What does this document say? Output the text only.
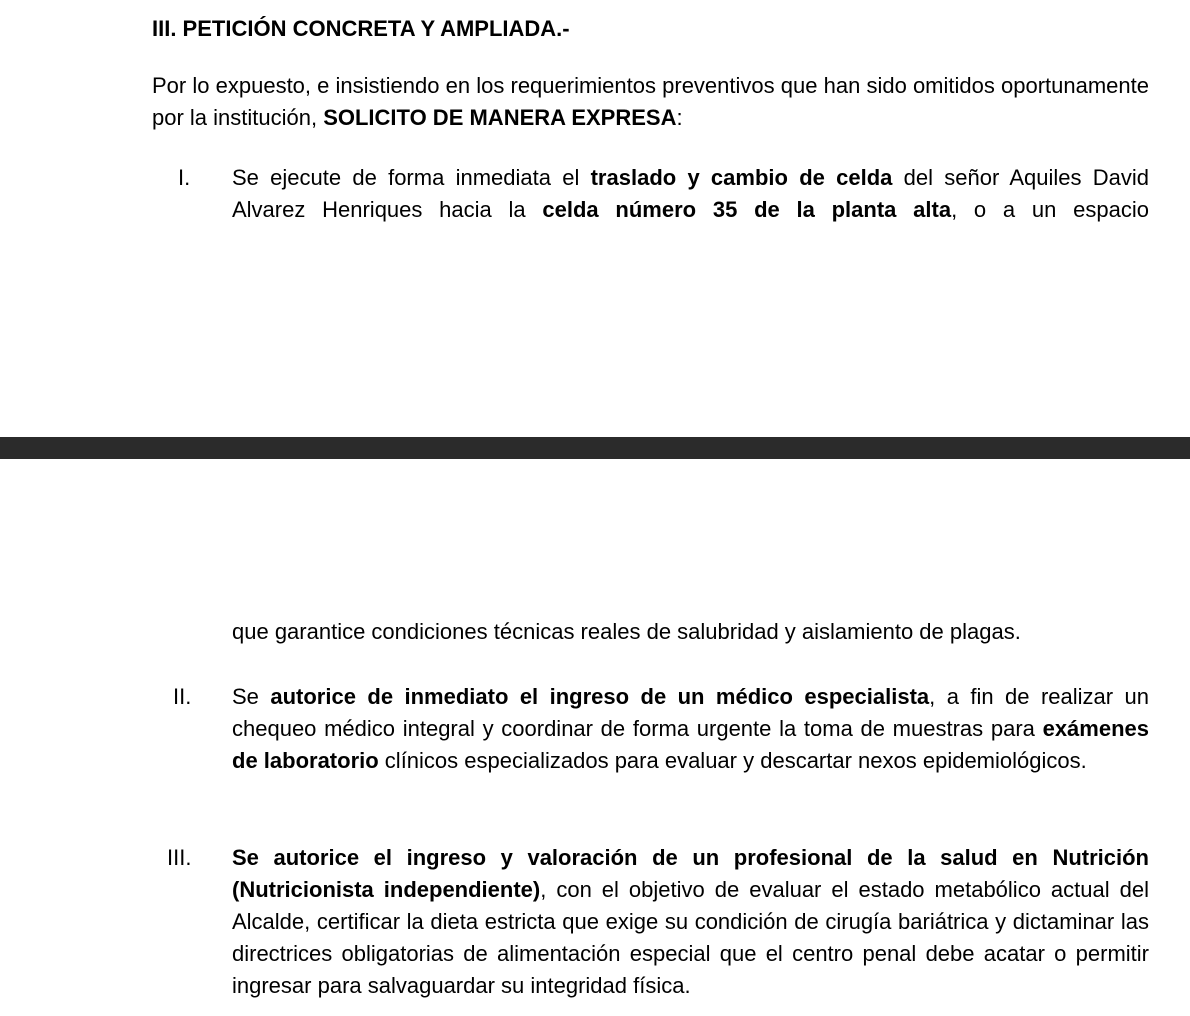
III. PETICIÓN CONCRETA Y AMPLIADA.-

Por lo expuesto, e insistiendo en los requerimientos preventivos que han sido omitidos oportunamente por la institución, SOLICITO DE MANERA EXPRESA:

I. Se ejecute de forma inmediata el traslado y cambio de celda del señor Aquiles David Alvarez Henriques hacia la celda número 35 de la planta alta, o a un espacio

que garantice condiciones técnicas reales de salubridad y aislamiento de plagas.

II. Se autorice de inmediato el ingreso de un médico especialista, a fin de realizar un chequeo médico integral y coordinar de forma urgente la toma de muestras para exámenes de laboratorio clínicos especializados para evaluar y descartar nexos epidemiológicos.

III. Se autorice el ingreso y valoración de un profesional de la salud en Nutrición (Nutricionista independiente), con el objetivo de evaluar el estado metabólico actual del Alcalde, certificar la dieta estricta que exige su condición de cirugía bariátrica y dictaminar las directrices obligatorias de alimentación especial que el centro penal debe acatar o permitir ingresar para salvaguardar su integridad física.
